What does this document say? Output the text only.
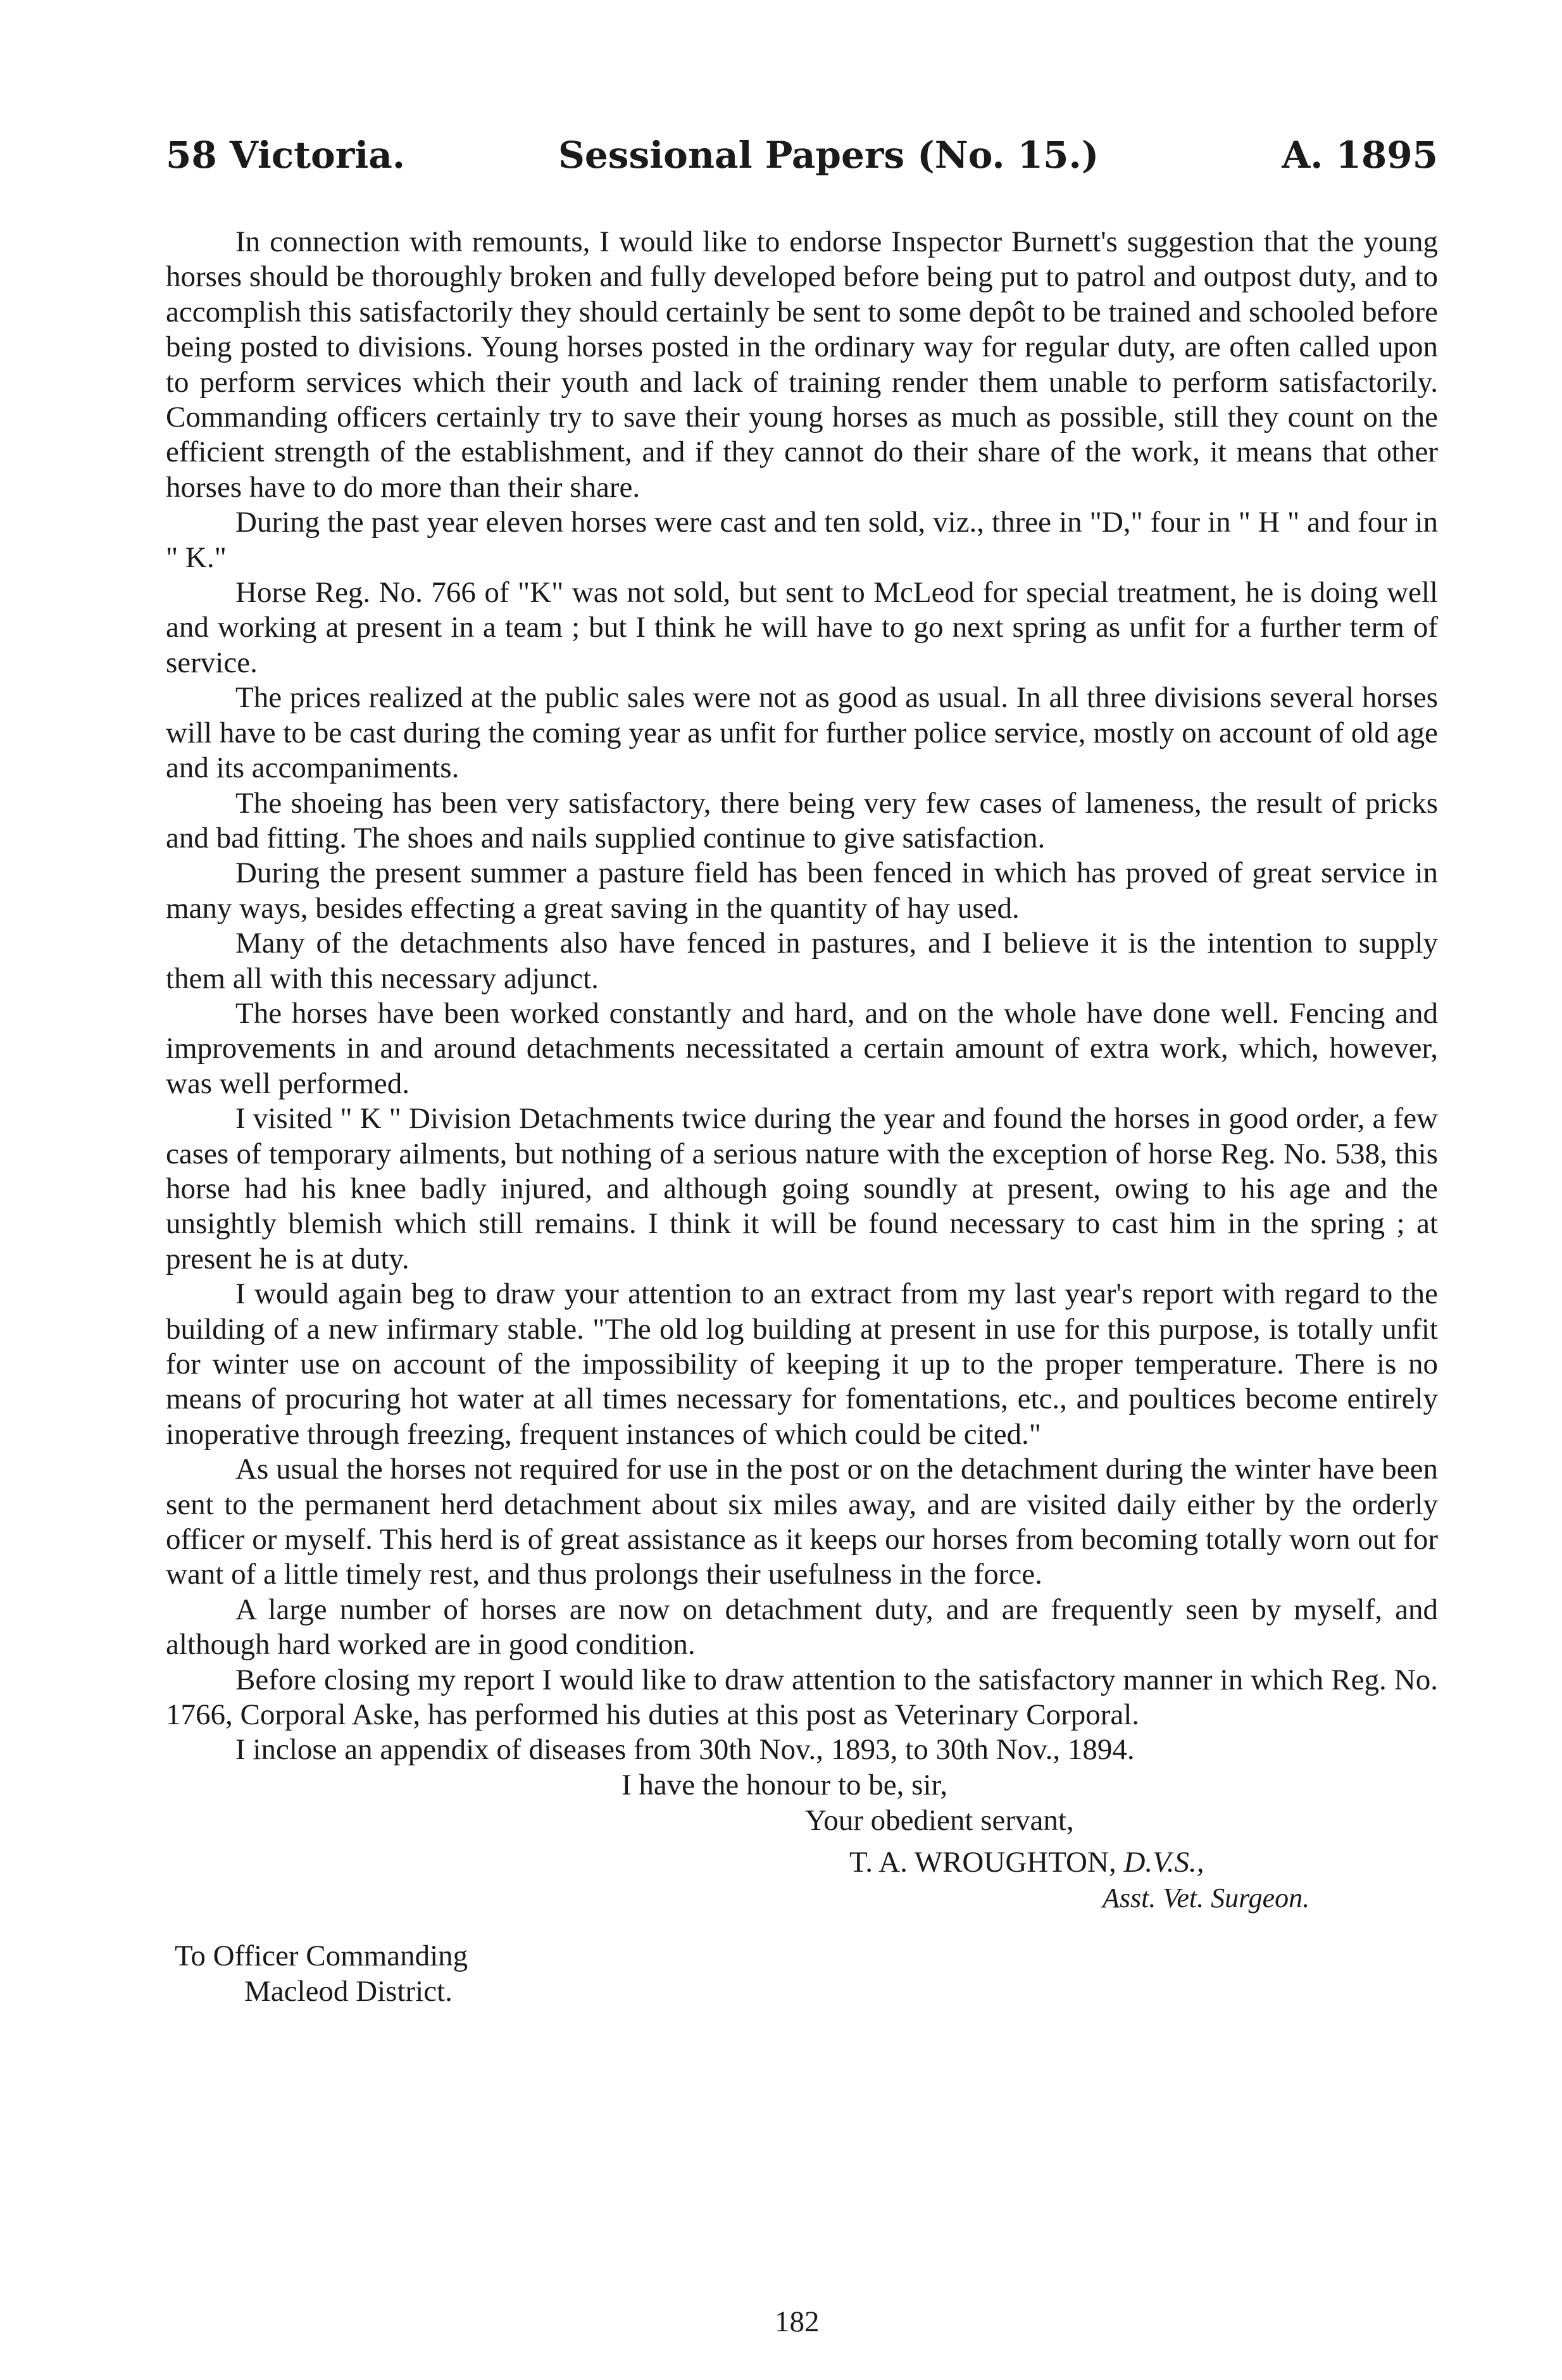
58 Victoria.	Sessional Papers (No. 15.)	A. 1895

In connection with remounts, I would like to endorse Inspector Burnett's suggestion that the young horses should be thoroughly broken and fully developed before being put to patrol and outpost duty, and to accomplish this satisfactorily they should certainly be sent to some depôt to be trained and schooled before being posted to divisions. Young horses posted in the ordinary way for regular duty, are often called upon to perform services which their youth and lack of training render them unable to perform satisfactorily. Commanding officers certainly try to save their young horses as much as possible, still they count on the efficient strength of the establishment, and if they cannot do their share of the work, it means that other horses have to do more than their share.

During the past year eleven horses were cast and ten sold, viz., three in "D," four in " H " and four in " K."

Horse Reg. No. 766 of "K" was not sold, but sent to McLeod for special treatment, he is doing well and working at present in a team ; but I think he will have to go next spring as unfit for a further term of service.

The prices realized at the public sales were not as good as usual. In all three divisions several horses will have to be cast during the coming year as unfit for further police service, mostly on account of old age and its accompaniments.

The shoeing has been very satisfactory, there being very few cases of lameness, the result of pricks and bad fitting. The shoes and nails supplied continue to give satisfaction.

During the present summer a pasture field has been fenced in which has proved of great service in many ways, besides effecting a great saving in the quantity of hay used.

Many of the detachments also have fenced in pastures, and I believe it is the intention to supply them all with this necessary adjunct.

The horses have been worked constantly and hard, and on the whole have done well. Fencing and improvements in and around detachments necessitated a certain amount of extra work, which, however, was well performed.

I visited " K " Division Detachments twice during the year and found the horses in good order, a few cases of temporary ailments, but nothing of a serious nature with the exception of horse Reg. No. 538, this horse had his knee badly injured, and although going soundly at present, owing to his age and the unsightly blemish which still remains. I think it will be found necessary to cast him in the spring ; at present he is at duty.

I would again beg to draw your attention to an extract from my last year's report with regard to the building of a new infirmary stable. "The old log building at present in use for this purpose, is totally unfit for winter use on account of the impossibility of keeping it up to the proper temperature. There is no means of procuring hot water at all times necessary for fomentations, etc., and poultices become entirely inoperative through freezing, frequent instances of which could be cited."

As usual the horses not required for use in the post or on the detachment during the winter have been sent to the permanent herd detachment about six miles away, and are visited daily either by the orderly officer or myself. This herd is of great assistance as it keeps our horses from becoming totally worn out for want of a little timely rest, and thus prolongs their usefulness in the force.

A large number of horses are now on detachment duty, and are frequently seen by myself, and although hard worked are in good condition.

Before closing my report I would like to draw attention to the satisfactory manner in which Reg. No. 1766, Corporal Aske, has performed his duties at this post as Veterinary Corporal.

I inclose an appendix of diseases from 30th Nov., 1893, to 30th Nov., 1894.

I have the honour to be, sir,
Your obedient servant,
T. A. WROUGHTON, D.V.S.,
Asst. Vet. Surgeon.
To Officer Commanding
Macleod District.
182
